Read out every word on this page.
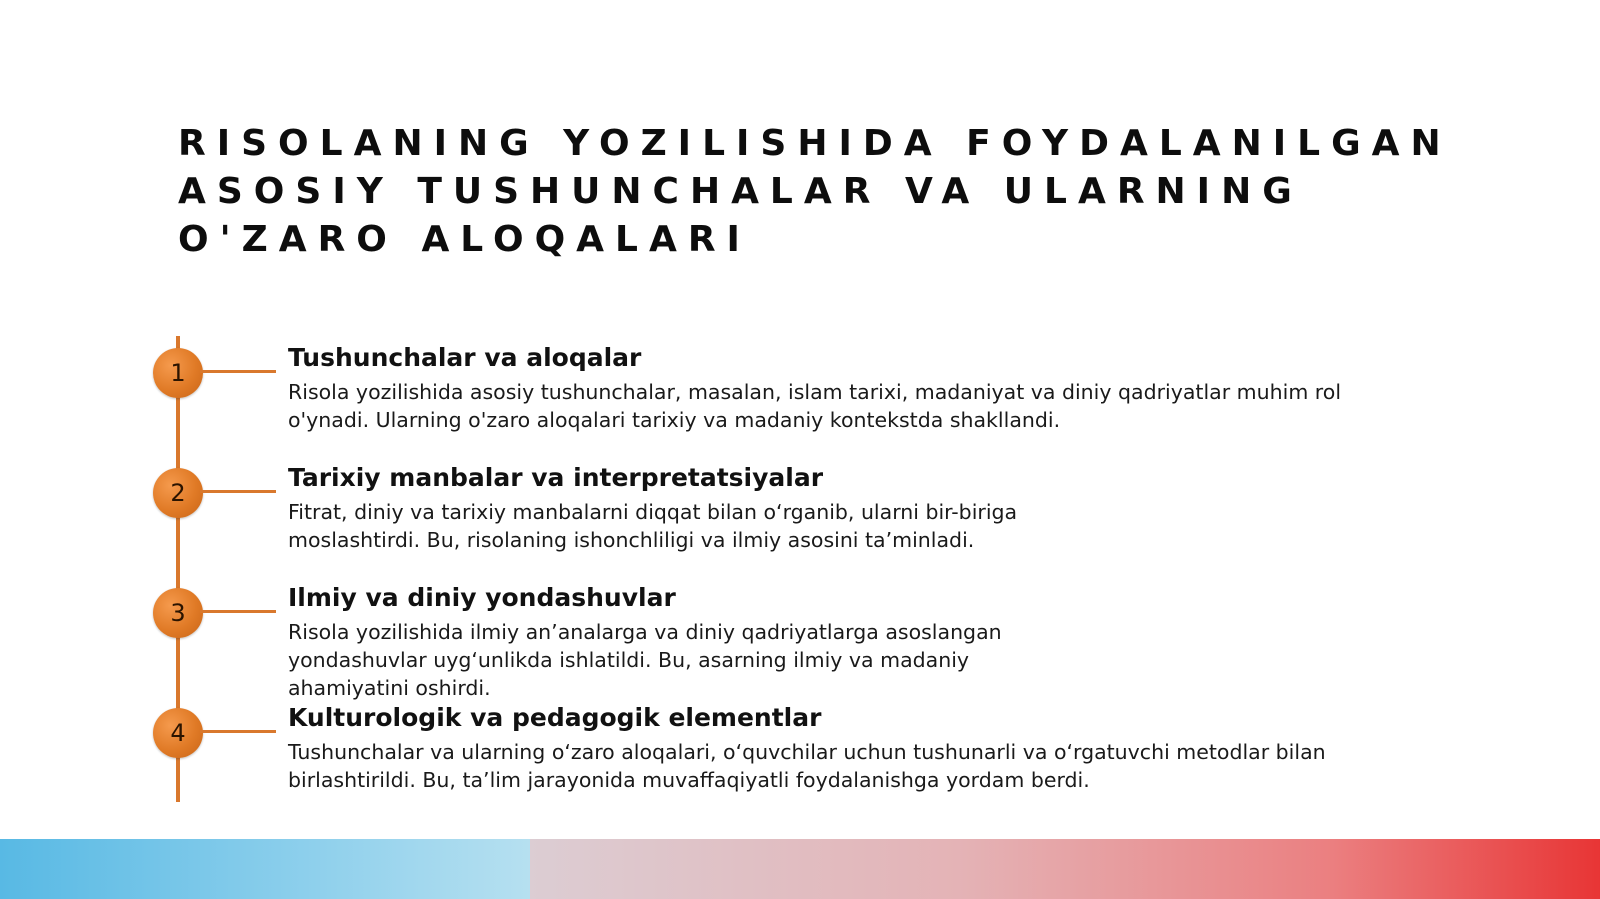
RISOLANING YOZILISHIDA FOYDALANILGAN
ASOSIY TUSHUNCHALAR VA ULARNING
O'ZARO ALOQALARI
1
Tushunchalar va aloqalar
Risola yozilishida asosiy tushunchalar, masalan, islam tarixi, madaniyat va diniy qadriyatlar muhim rol
o'ynadi. Ularning o'zaro aloqalari tarixiy va madaniy kontekstda shakllandi.
2
Tarixiy manbalar va interpretatsiyalar
Fitrat, diniy va tarixiy manbalarni diqqat bilan o‘rganib, ularni bir-biriga
moslashtirdi. Bu, risolaning ishonchliligi va ilmiy asosini ta’minladi.
3
Ilmiy va diniy yondashuvlar
Risola yozilishida ilmiy an’analarga va diniy qadriyatlarga asoslangan
yondashuvlar uyg‘unlikda ishlatildi. Bu, asarning ilmiy va madaniy
ahamiyatini oshirdi.
4
Kulturologik va pedagogik elementlar
Tushunchalar va ularning o‘zaro aloqalari, o‘quvchilar uchun tushunarli va o‘rgatuvchi metodlar bilan
birlashtirildi. Bu, ta’lim jarayonida muvaffaqiyatli foydalanishga yordam berdi.
